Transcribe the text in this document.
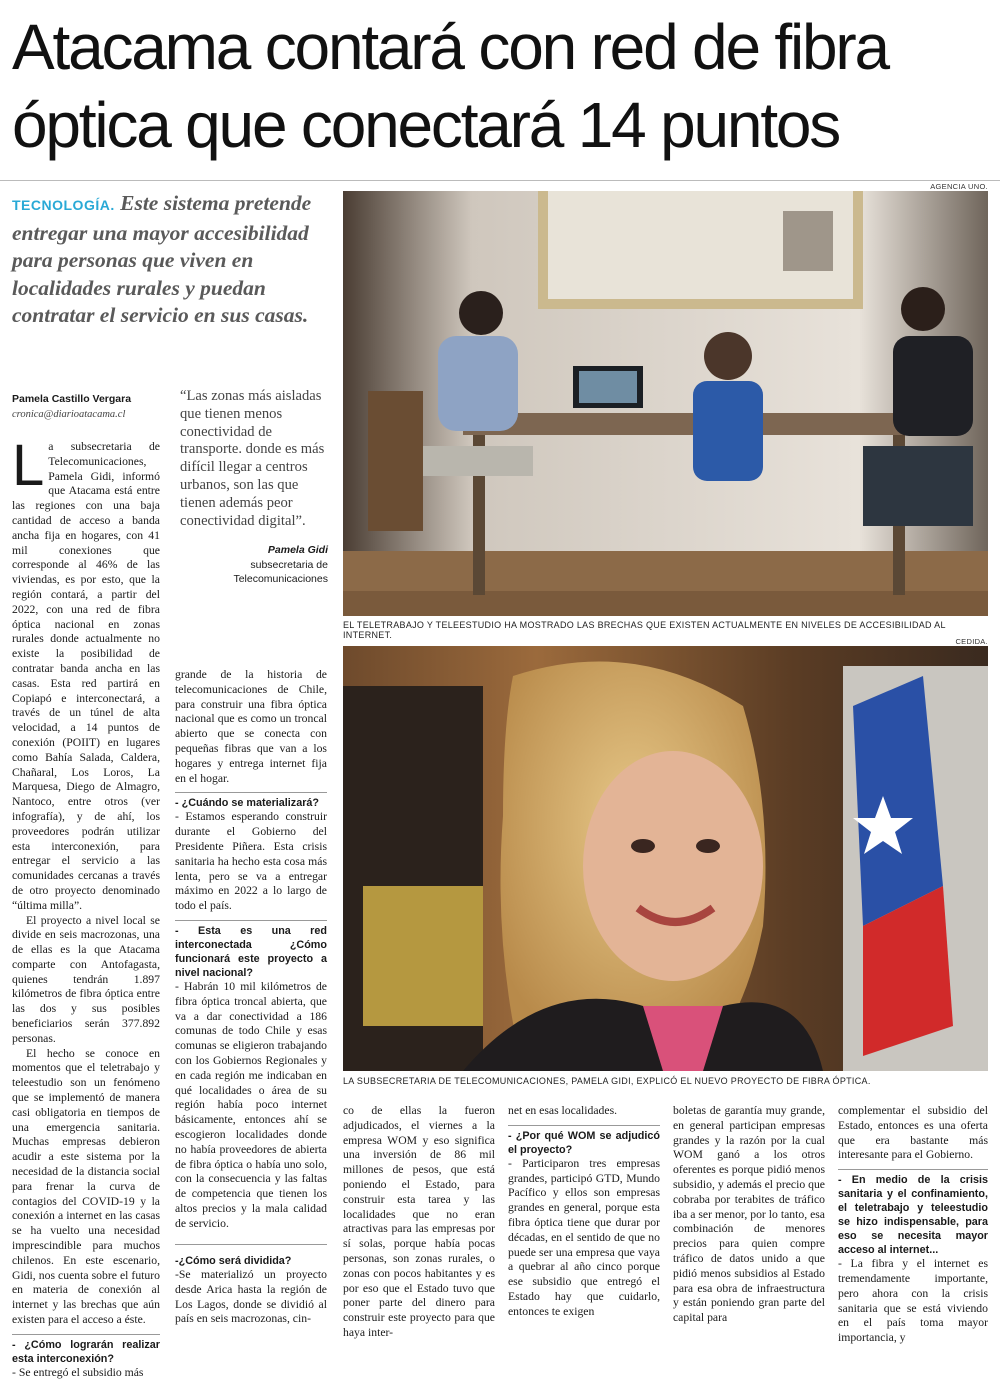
Atacama contará con red de fibra óptica que conectará 14 puntos
TECNOLOGÍA. Este sistema pretende entregar una mayor accesibilidad para personas que viven en localidades rurales y puedan contratar el servicio en sus casas.
Pamela Castillo Vergara
cronica@diarioatacama.cl
“Las zonas más aisladas que tienen menos conectividad de transporte. donde es más difícil llegar a centros urbanos, son las que tienen además peor conectividad digital”.
Pamela Gidi
subsecretaria de Telecomunicaciones
AGENCIA UNO.
EL TELETRABAJO Y TELEESTUDIO HA MOSTRADO LAS BRECHAS QUE EXISTEN ACTUALMENTE EN NIVELES DE ACCESIBILIDAD AL INTERNET.
CEDIDA.
LA SUBSECRETARIA DE TELECOMUNICACIONES, PAMELA GIDI, EXPLICÓ EL NUEVO PROYECTO DE FIBRA ÓPTICA.

La subsecretaria de Telecomunicaciones, Pamela Gidi, informó que Atacama está entre las regiones con una baja cantidad de acceso a banda ancha fija en hogares, con 41 mil conexiones que corresponde al 46% de las viviendas, es por esto, que la región contará, a partir del 2022, con una red de fibra óptica nacional en zonas rurales donde actualmente no existe la posibilidad de contratar banda ancha en las casas. Esta red partirá en Copiapó e interconectará, a través de un túnel de alta velocidad, a 14 puntos de conexión (POIIT) en lugares como Bahía Salada, Caldera, Chañaral, Los Loros, La Marquesa, Diego de Almagro, Nantoco, entre otros (ver infografía), y de ahí, los proveedores podrán utilizar esta interconexión, para entregar el servicio a las comunidades cercanas a través de otro proyecto denominado “última milla”.

El proyecto a nivel local se divide en seis macrozonas, una de ellas es la que Atacama comparte con Antofagasta, quienes tendrán 1.897 kilómetros de fibra óptica entre las dos y sus posibles beneficiarios serán 377.892 personas.

El hecho se conoce en momentos que el teletrabajo y teleestudio son un fenómeno que se implementó de manera casi obligatoria en tiempos de una emergencia sanitaria. Muchas empresas debieron acudir a este sistema por la necesidad de la distancia social para frenar la curva de contagios del COVID-19 y la conexión a internet en las casas se ha vuelto una necesidad imprescindible para muchos chilenos. En este escenario, Gidi, nos cuenta sobre el futuro en materia de conexión al internet y las brechas que aún existen para el acceso a éste.

- ¿Cómo lograrán realizar esta interconexión?

- Se entregó el subsidio más

grande de la historia de telecomunicaciones de Chile, para construir una fibra óptica nacional que es como un troncal abierto que se conecta con pequeñas fibras que van a los hogares y entrega internet fija en el hogar.

- ¿Cuándo se materializará?

- Estamos esperando construir durante el Gobierno del Presidente Piñera. Esta crisis sanitaria ha hecho esta cosa más lenta, pero se va a entregar máximo en 2022 a lo largo de todo el país.

- Esta es una red interconectada ¿Cómo funcionará este proyecto a nivel nacional?

- Habrán 10 mil kilómetros de fibra óptica troncal abierta, que va a dar conectividad a 186 comunas de todo Chile y esas comunas se eligieron trabajando con los Gobiernos Regionales y en cada región me indicaban en qué localidades o área de su región había poco internet básicamente, entonces ahí se escogieron localidades donde no había proveedores de abierta de fibra óptica o había uno solo, con la consecuencia y las faltas de competencia que tienen los altos precios y la mala calidad de servicio.

-¿Cómo será dividida?

-Se materializó un proyecto desde Arica hasta la región de Los Lagos, donde se dividió al país en seis macrozonas, cin-

co de ellas la fueron adjudicados, el viernes a la empresa WOM y eso significa una inversión de 86 mil millones de pesos, que está poniendo el Estado, para construir esta tarea y las localidades que no eran atractivas para las empresas por sí solas, porque había pocas personas, son zonas rurales, o zonas con pocos habitantes y es por eso que el Estado tuvo que poner parte del dinero para construir este proyecto para que haya inter-

net en esas localidades.

- ¿Por qué WOM se adjudicó el proyecto?

- Participaron tres empresas grandes, participó GTD, Mundo Pacífico y ellos son empresas grandes en general, porque esta fibra óptica tiene que durar por décadas, en el sentido de que no puede ser una empresa que vaya a quebrar al año cinco porque ese subsidio que entregó el Estado hay que cuidarlo, entonces te exigen

boletas de garantía muy grande, en general participan empresas grandes y la razón por la cual WOM ganó a los otros oferentes es porque pidió menos subsidio, y además el precio que cobraba por terabites de tráfico iba a ser menor, por lo tanto, esa combinación de menores precios para quien compre tráfico de datos unido a que pidió menos subsidios al Estado para esa obra de infraestructura y están poniendo gran parte del capital para

complementar el subsidio del Estado, entonces es una oferta que era bastante más interesante para el Gobierno.

- En medio de la crisis sanitaria y el confinamiento, el teletrabajo y teleestudio se hizo indispensable, para eso se necesita mayor acceso al internet...

- La fibra y el internet es tremendamente importante, pero ahora con la crisis sanitaria que se está viviendo en el país toma mayor importancia, y
